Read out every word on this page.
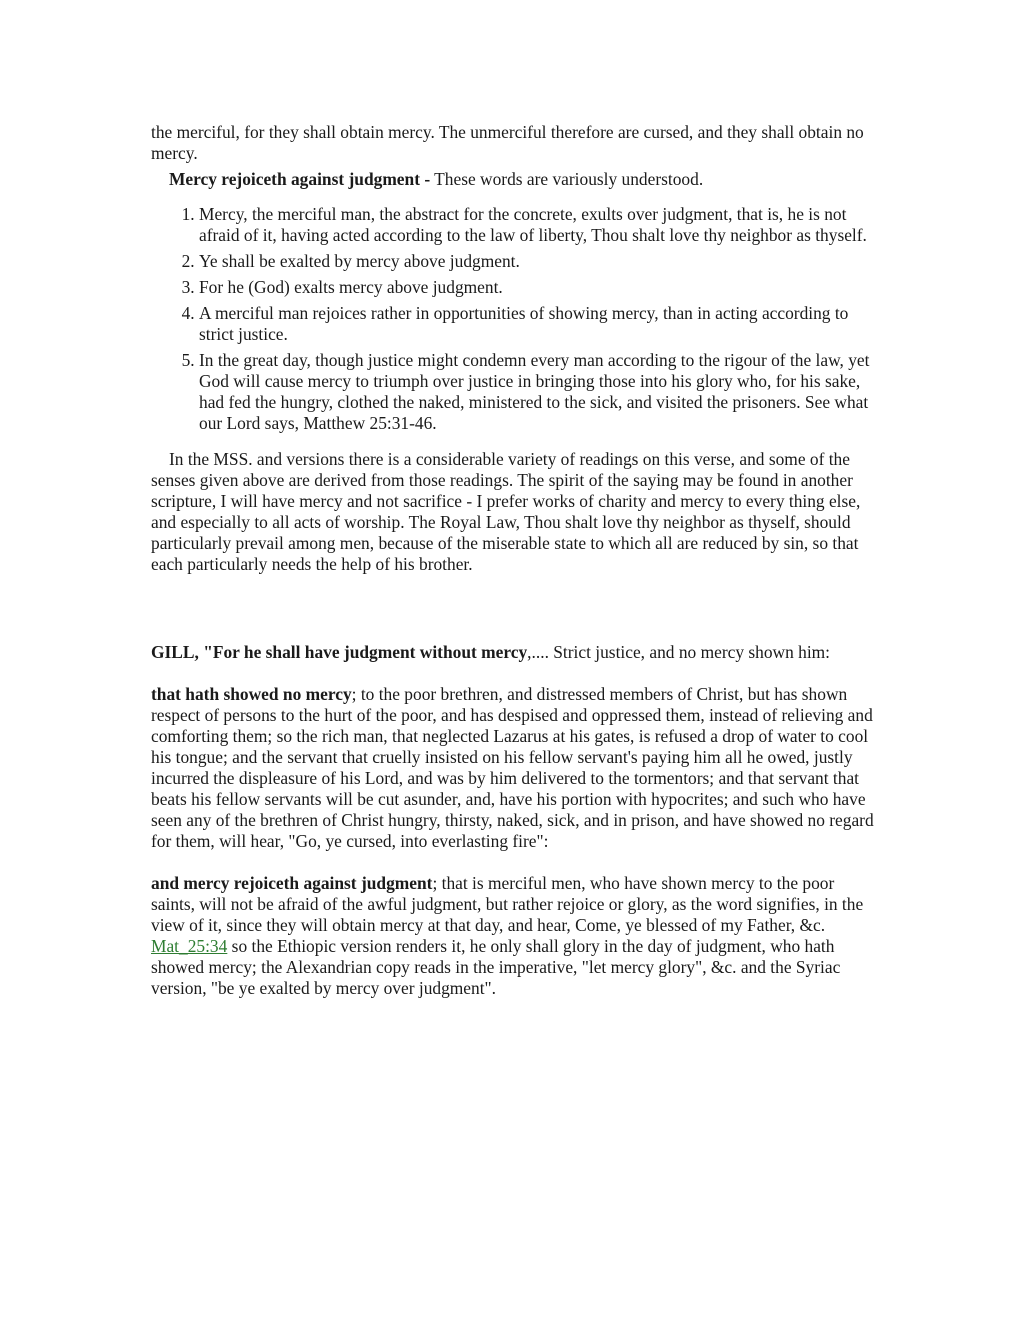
the merciful, for they shall obtain mercy. The unmerciful therefore are cursed, and they shall obtain no mercy.

Mercy rejoiceth against judgment - These words are variously understood.

1. Mercy, the merciful man, the abstract for the concrete, exults over judgment, that is, he is not afraid of it, having acted according to the law of liberty, Thou shalt love thy neighbor as thyself.
2. Ye shall be exalted by mercy above judgment.
3. For he (God) exalts mercy above judgment.
4. A merciful man rejoices rather in opportunities of showing mercy, than in acting according to strict justice.
5. In the great day, though justice might condemn every man according to the rigour of the law, yet God will cause mercy to triumph over justice in bringing those into his glory who, for his sake, had fed the hungry, clothed the naked, ministered to the sick, and visited the prisoners. See what our Lord says, Matthew 25:31-46.

In the MSS. and versions there is a considerable variety of readings on this verse, and some of the senses given above are derived from those readings. The spirit of the saying may be found in another scripture, I will have mercy and not sacrifice - I prefer works of charity and mercy to every thing else, and especially to all acts of worship. The Royal Law, Thou shalt love thy neighbor as thyself, should particularly prevail among men, because of the miserable state to which all are reduced by sin, so that each particularly needs the help of his brother.

GILL, "For he shall have judgment without mercy,.... Strict justice, and no mercy shown him:

that hath showed no mercy; to the poor brethren, and distressed members of Christ, but has shown respect of persons to the hurt of the poor, and has despised and oppressed them, instead of relieving and comforting them; so the rich man, that neglected Lazarus at his gates, is refused a drop of water to cool his tongue; and the servant that cruelly insisted on his fellow servant's paying him all he owed, justly incurred the displeasure of his Lord, and was by him delivered to the tormentors; and that servant that beats his fellow servants will be cut asunder, and, have his portion with hypocrites; and such who have seen any of the brethren of Christ hungry, thirsty, naked, sick, and in prison, and have showed no regard for them, will hear, "Go, ye cursed, into everlasting fire":

and mercy rejoiceth against judgment; that is merciful men, who have shown mercy to the poor saints, will not be afraid of the awful judgment, but rather rejoice or glory, as the word signifies, in the view of it, since they will obtain mercy at that day, and hear, Come, ye blessed of my Father, &c. Mat_25:34 so the Ethiopic version renders it, he only shall glory in the day of judgment, who hath showed mercy; the Alexandrian copy reads in the imperative, "let mercy glory", &c. and the Syriac version, "be ye exalted by mercy over judgment".
